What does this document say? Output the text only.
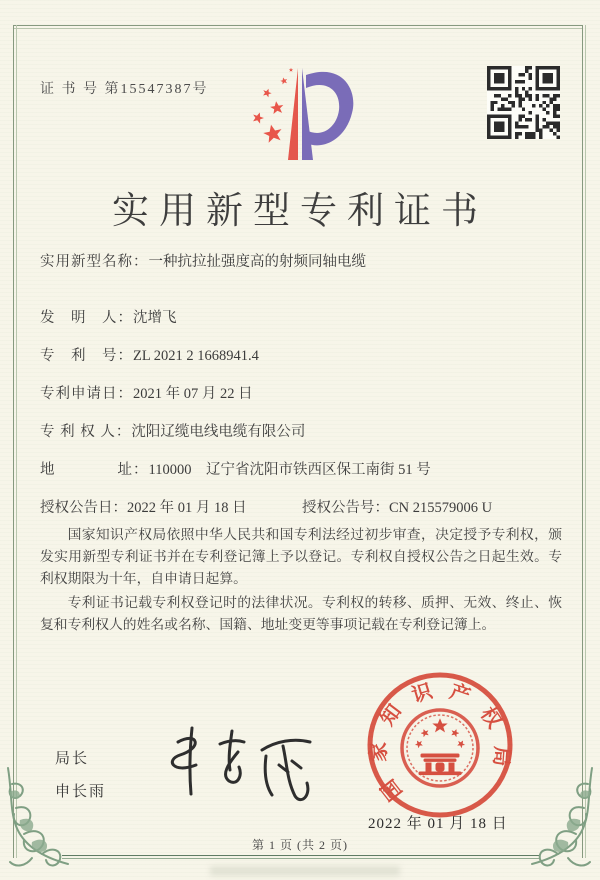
证 书 号 第15547387号
实用新型专利证书
实用新型名称：一种抗拉扯强度高的射频同轴电缆
发　明　人：沈增飞
专　利　号：ZL 2021 2 1668941.4
专利申请日：2021 年 07 月 22 日
专 利 权 人：沈阳辽缆电线电缆有限公司
地　　　　址：110000　辽宁省沈阳市铁西区保工南街 51 号
授权公告日：2022 年 01 月 18 日	授权公告号：CN 215579006 U

国家知识产权局依照中华人民共和国专利法经过初步审查，决定授予专利权，颁发实用新型专利证书并在专利登记簿上予以登记。专利权自授权公告之日起生效。专利权期限为十年，自申请日起算。

专利证书记载专利权登记时的法律状况。专利权的转移、质押、无效、终止、恢复和专利权人的姓名或名称、国籍、地址变更等事项记载在专利登记簿上。

局长
申长雨	国
家
知
识 产
权
局
2022 年 01 月 18 日
第 1 页 (共 2 页)
